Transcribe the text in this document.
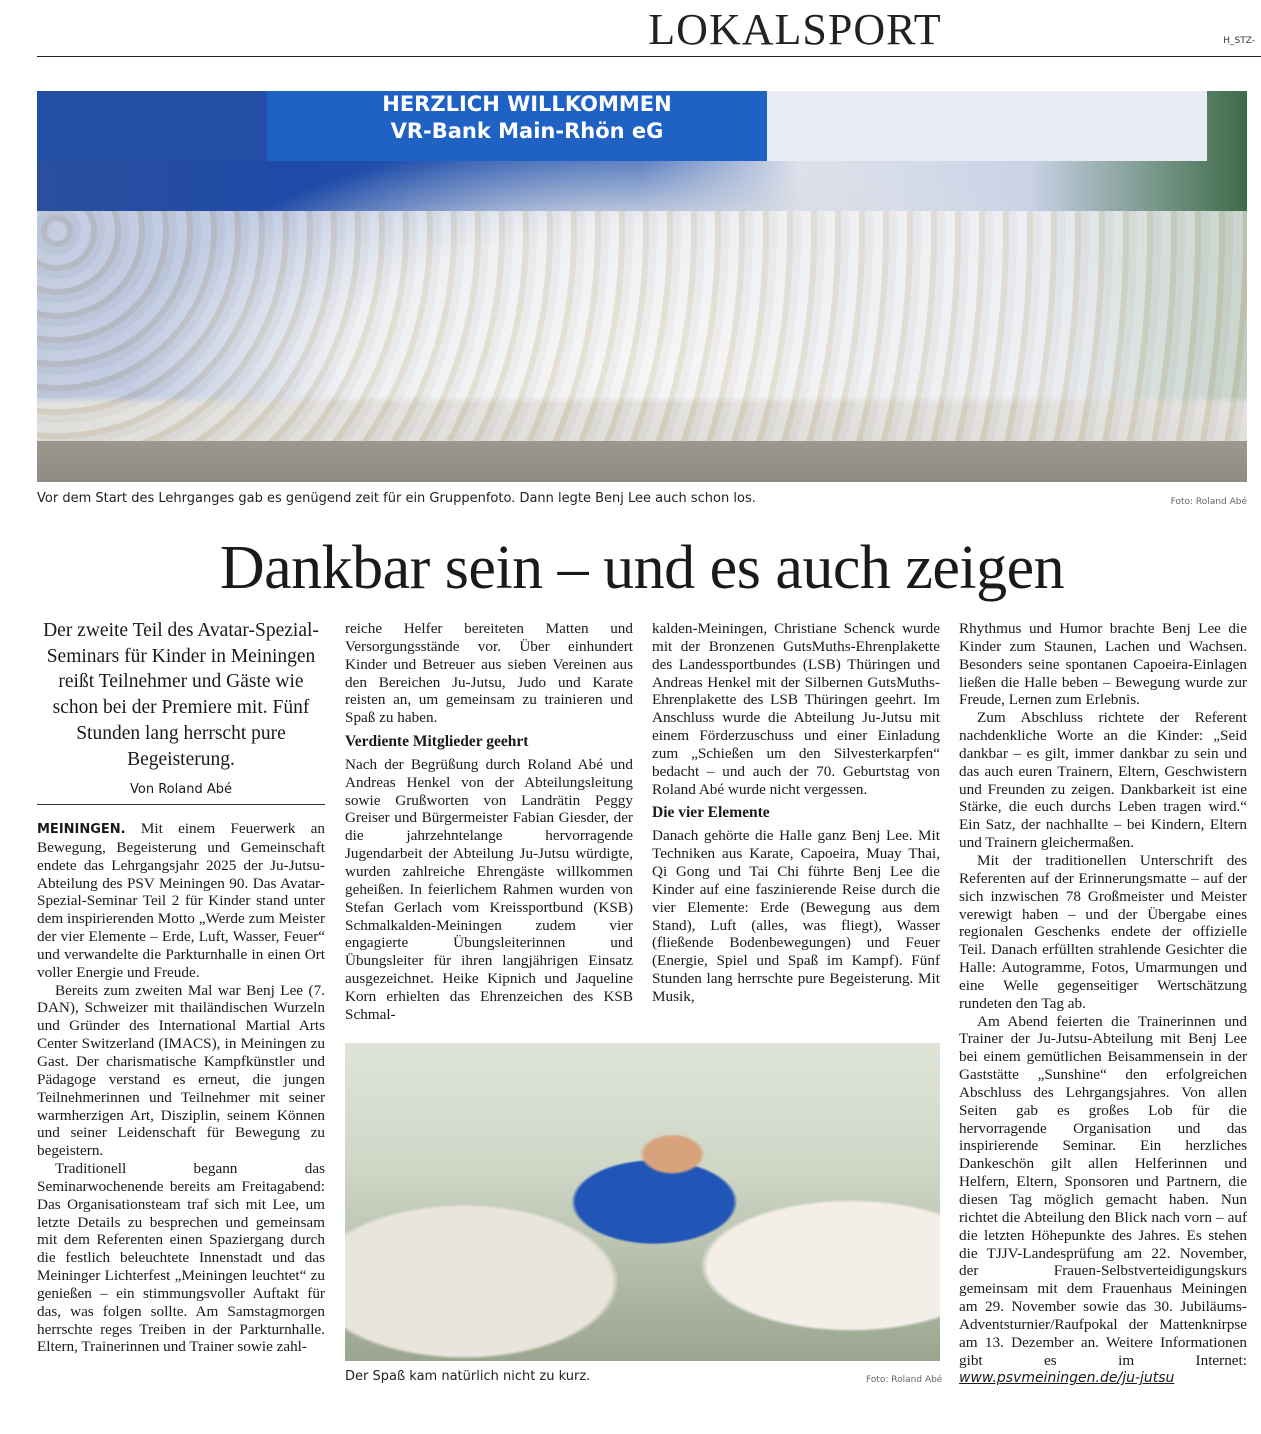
LOKALSPORT	H_STZ-
HERZLICH WILLKOMMEN VR-Bank Main-Rhön eG
Vor dem Start des Lehrganges gab es genügend zeit für ein Gruppenfoto. Dann legte Benj Lee auch schon los.	Foto: Roland Abé
Dankbar sein – und es auch zeigen
Der zweite Teil des Avatar-Spezial-Seminars für Kinder in Meiningen reißt Teilnehmer und Gäste wie schon bei der Premiere mit. Fünf Stunden lang herrscht pure Begeisterung.
Von Roland Abé

MEININGEN. Mit einem Feuerwerk an Bewegung, Begeisterung und Gemeinschaft endete das Lehrgangsjahr 2025 der Ju-Jutsu-Abteilung des PSV Meiningen 90. Das Avatar-Spezial-Seminar Teil 2 für Kinder stand unter dem inspirierenden Motto „Werde zum Meister der vier Elemente – Erde, Luft, Wasser, Feuer“ und verwandelte die Parkturnhalle in einen Ort voller Energie und Freude.

Bereits zum zweiten Mal war Benj Lee (7. DAN), Schweizer mit thailändischen Wurzeln und Gründer des International Martial Arts Center Switzerland (IMACS), in Meiningen zu Gast. Der charismatische Kampfkünstler und Pädagoge verstand es erneut, die jungen Teilnehmerinnen und Teilnehmer mit seiner warmherzigen Art, Disziplin, seinem Können und seiner Leidenschaft für Bewegung zu begeistern.

Traditionell begann das Seminarwochenende bereits am Freitagabend: Das Organisationsteam traf sich mit Lee, um letzte Details zu besprechen und gemeinsam mit dem Referenten einen Spaziergang durch die festlich beleuchtete Innenstadt und das Meininger Lichterfest „Meiningen leuchtet“ zu genießen – ein stimmungsvoller Auftakt für das, was folgen sollte. Am Samstagmorgen herrschte reges Treiben in der Parkturnhalle. Eltern, Trainerinnen und Trainer sowie zahl-

reiche Helfer bereiteten Matten und Versorgungsstände vor. Über einhundert Kinder und Betreuer aus sieben Vereinen aus den Bereichen Ju-Jutsu, Judo und Karate reisten an, um gemeinsam zu trainieren und Spaß zu haben.

Verdiente Mitglieder geehrt

Nach der Begrüßung durch Roland Abé und Andreas Henkel von der Abteilungsleitung sowie Grußworten von Landrätin Peggy Greiser und Bürgermeister Fabian Giesder, der die jahrzehntelange hervorragende Jugendarbeit der Abteilung Ju-Jutsu würdigte, wurden zahlreiche Ehrengäste willkommen geheißen. In feierlichem Rahmen wurden von Stefan Gerlach vom Kreissportbund (KSB) Schmalkalden-Meiningen zudem vier engagierte Übungsleiterinnen und Übungsleiter für ihren langjährigen Einsatz ausgezeichnet. Heike Kipnich und Jaqueline Korn erhielten das Ehrenzeichen des KSB Schmal-

kalden-Meiningen, Christiane Schenck wurde mit der Bronzenen GutsMuths-Ehrenplakette des Landessportbundes (LSB) Thüringen und Andreas Henkel mit der Silbernen GutsMuths-Ehrenplakette des LSB Thüringen geehrt. Im Anschluss wurde die Abteilung Ju-Jutsu mit einem Förderzuschuss und einer Einladung zum „Schießen um den Silvesterkarpfen“ bedacht – und auch der 70. Geburtstag von Roland Abé wurde nicht vergessen.

Die vier Elemente

Danach gehörte die Halle ganz Benj Lee. Mit Techniken aus Karate, Capoeira, Muay Thai, Qi Gong und Tai Chi führte Benj Lee die Kinder auf eine faszinierende Reise durch die vier Elemente: Erde (Bewegung aus dem Stand), Luft (alles, was fliegt), Wasser (fließende Bodenbewegungen) und Feuer (Energie, Spiel und Spaß im Kampf). Fünf Stunden lang herrschte pure Begeisterung. Mit Musik,

Rhythmus und Humor brachte Benj Lee die Kinder zum Staunen, Lachen und Wachsen. Besonders seine spontanen Capoeira-Einlagen ließen die Halle beben – Bewegung wurde zur Freude, Lernen zum Erlebnis.

Zum Abschluss richtete der Referent nachdenkliche Worte an die Kinder: „Seid dankbar – es gilt, immer dankbar zu sein und das auch euren Trainern, Eltern, Geschwistern und Freunden zu zeigen. Dankbarkeit ist eine Stärke, die euch durchs Leben tragen wird.“ Ein Satz, der nachhallte – bei Kindern, Eltern und Trainern gleichermaßen.

Mit der traditionellen Unterschrift des Referenten auf der Erinnerungsmatte – auf der sich inzwischen 78 Großmeister und Meister verewigt haben – und der Übergabe eines regionalen Geschenks endete der offizielle Teil. Danach erfüllten strahlende Gesichter die Halle: Autogramme, Fotos, Umarmungen und eine Welle gegenseitiger Wertschätzung rundeten den Tag ab.

Am Abend feierten die Trainerinnen und Trainer der Ju-Jutsu-Abteilung mit Benj Lee bei einem gemütlichen Beisammensein in der Gaststätte „Sunshine“ den erfolgreichen Abschluss des Lehrgangsjahres. Von allen Seiten gab es großes Lob für die hervorragende Organisation und das inspirierende Seminar. Ein herzliches Dankeschön gilt allen Helferinnen und Helfern, Eltern, Sponsoren und Partnern, die diesen Tag möglich gemacht haben. Nun richtet die Abteilung den Blick nach vorn – auf die letzten Höhepunkte des Jahres. Es stehen die TJJV-Landesprüfung am 22. November, der Frauen-Selbstverteidigungskurs gemeinsam mit dem Frauenhaus Meiningen am 29. November sowie das 30. Jubiläums-Adventsturnier/Raufpokal der Mattenknirpse am 13. Dezember an. Weitere Informationen gibt es im Internet: www.psvmeiningen.de/ju-jutsu

Der Spaß kam natürlich nicht zu kurz.	Foto: Roland Abé
